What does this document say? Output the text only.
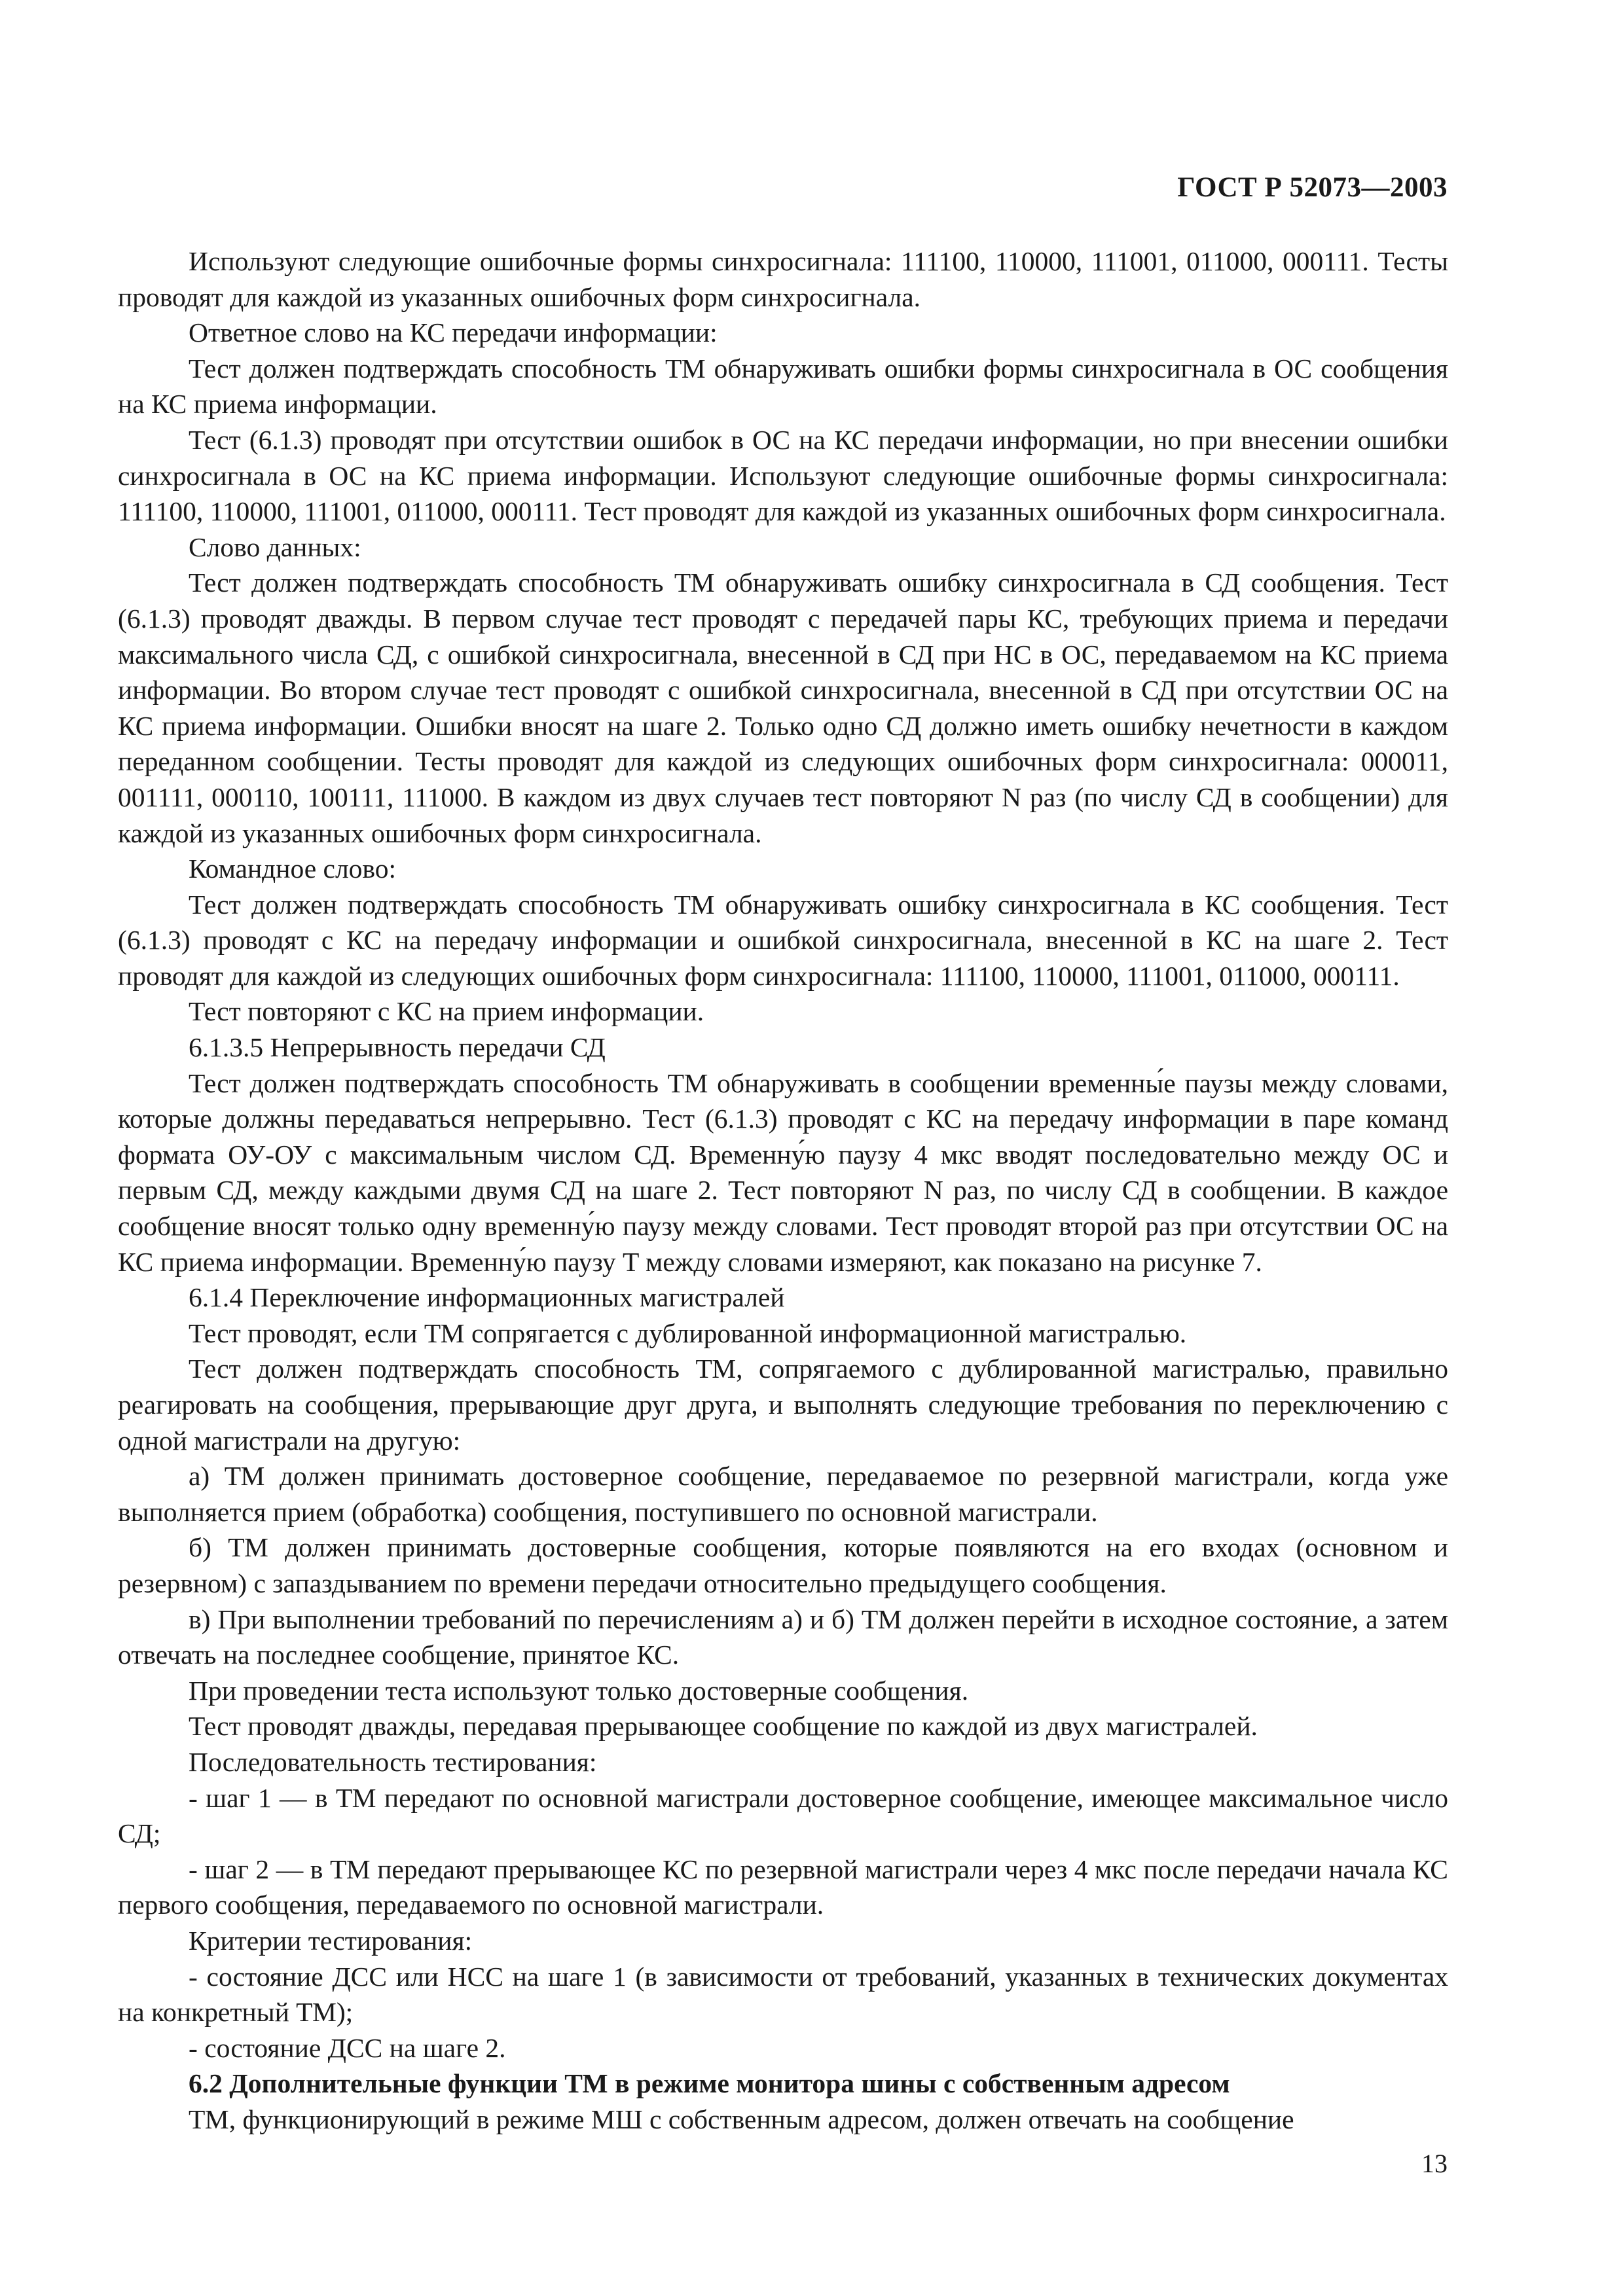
ГОСТ Р 52073—2003

Используют следующие ошибочные формы синхросигнала: 111100, 110000, 111001, 011000, 000111. Тесты проводят для каждой из указанных ошибочных форм синхросигнала.

Ответное слово на КС передачи информации:

Тест должен подтверждать способность ТМ обнаруживать ошибки формы синхросигнала в ОС сообщения на КС приема информации.

Тест (6.1.3) проводят при отсутствии ошибок в ОС на КС передачи информации, но при внесении ошибки синхросигнала в ОС на КС приема информации. Используют следующие ошибочные формы синхросигнала: 111100, 110000, 111001, 011000, 000111. Тест проводят для каждой из указанных ошибочных форм синхросигнала.

Слово данных:

Тест должен подтверждать способность ТМ обнаруживать ошибку синхросигнала в СД сообщения. Тест (6.1.3) проводят дважды. В первом случае тест проводят с передачей пары КС, требующих приема и передачи максимального числа СД, с ошибкой синхросигнала, внесенной в СД при НС в ОС, передаваемом на КС приема информации. Во втором случае тест проводят с ошибкой синхросигнала, внесенной в СД при отсутствии ОС на КС приема информации. Ошибки вносят на шаге 2. Только одно СД должно иметь ошибку нечетности в каждом переданном сообщении. Тесты проводят для каждой из следующих ошибочных форм синхросигнала: 000011, 001111, 000110, 100111, 111000. В каждом из двух случаев тест повторяют N раз (по числу СД в сообщении) для каждой из указанных ошибочных форм синхросигнала.

Командное слово:

Тест должен подтверждать способность ТМ обнаруживать ошибку синхросигнала в КС сообщения. Тест (6.1.3) проводят с КС на передачу информации и ошибкой синхросигнала, внесенной в КС на шаге 2. Тест проводят для каждой из следующих ошибочных форм синхросигнала: 111100, 110000, 111001, 011000, 000111.

Тест повторяют с КС на прием информации.

6.1.3.5 Непрерывность передачи СД

Тест должен подтверждать способность ТМ обнаруживать в сообщении временны́е паузы между словами, которые должны передаваться непрерывно. Тест (6.1.3) проводят с КС на передачу информации в паре команд формата ОУ-ОУ с максимальным числом СД. Временну́ю паузу 4 мкс вводят последовательно между ОС и первым СД, между каждыми двумя СД на шаге 2. Тест повторяют N раз, по числу СД в сообщении. В каждое сообщение вносят только одну временну́ю паузу между словами. Тест проводят второй раз при отсутствии ОС на КС приема информации. Временну́ю паузу T между словами измеряют, как показано на рисунке 7.

6.1.4 Переключение информационных магистралей

Тест проводят, если ТМ сопрягается с дублированной информационной магистралью.

Тест должен подтверждать способность ТМ, сопрягаемого с дублированной магистралью, правильно реагировать на сообщения, прерывающие друг друга, и выполнять следующие требования по переключению с одной магистрали на другую:

а) ТМ должен принимать достоверное сообщение, передаваемое по резервной магистрали, когда уже выполняется прием (обработка) сообщения, поступившего по основной магистрали.

б) ТМ должен принимать достоверные сообщения, которые появляются на его входах (основном и резервном) с запаздыванием по времени передачи относительно предыдущего сообщения.

в) При выполнении требований по перечислениям а) и б) ТМ должен перейти в исходное состояние, а затем отвечать на последнее сообщение, принятое КС.

При проведении теста используют только достоверные сообщения.

Тест проводят дважды, передавая прерывающее сообщение по каждой из двух магистралей.

Последовательность тестирования:

- шаг 1 — в ТМ передают по основной магистрали достоверное сообщение, имеющее максимальное число СД;

- шаг 2 — в ТМ передают прерывающее КС по резервной магистрали через 4 мкс после передачи начала КС первого сообщения, передаваемого по основной магистрали.

Критерии тестирования:

- состояние ДСС или НСС на шаге 1 (в зависимости от требований, указанных в технических документах на конкретный ТМ);

- состояние ДСС на шаге 2.

6.2 Дополнительные функции ТМ в режиме монитора шины с собственным адресом

ТМ, функционирующий в режиме МШ с собственным адресом, должен отвечать на сообщение

13
